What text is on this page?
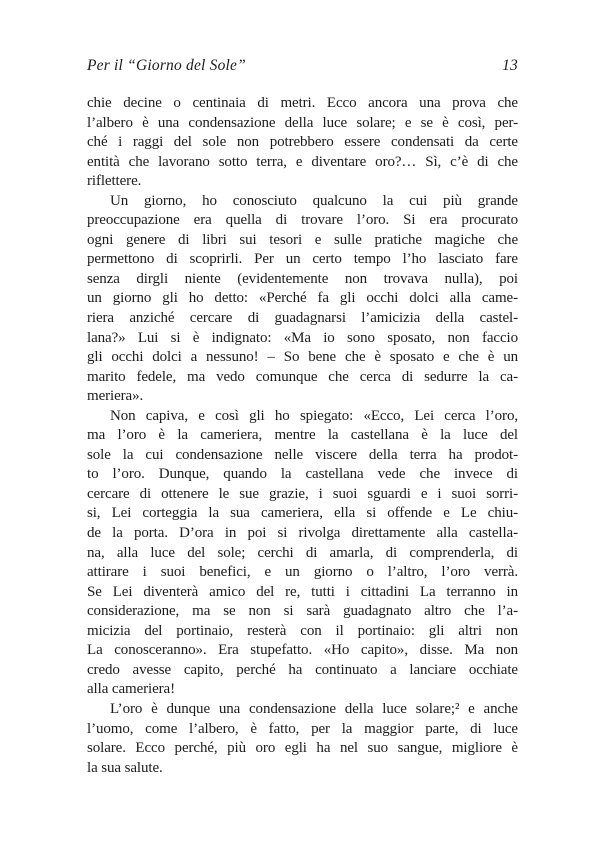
Per il “Giorno del Sole”	13
chie decine o centinaia di metri. Ecco ancora una prova che
l’albero è una condensazione della luce solare; e se è così, per-
ché i raggi del sole non potrebbero essere condensati da certe
entità che lavorano sotto terra, e diventare oro?… Sì, c’è di che
riflettere.
Un giorno, ho conosciuto qualcuno la cui più grande
preoccupazione era quella di trovare l’oro. Si era procurato
ogni genere di libri sui tesori e sulle pratiche magiche che
permettono di scoprirli. Per un certo tempo l’ho lasciato fare
senza dirgli niente (evidentemente non trovava nulla), poi
un giorno gli ho detto: «Perché fa gli occhi dolci alla came-
riera anziché cercare di guadagnarsi l’amicizia della castel-
lana?» Lui si è indignato: «Ma io sono sposato, non faccio
gli occhi dolci a nessuno! – So bene che è sposato e che è un
marito fedele, ma vedo comunque che cerca di sedurre la ca-
meriera».
Non capiva, e così gli ho spiegato: «Ecco, Lei cerca l’oro,
ma l’oro è la cameriera, mentre la castellana è la luce del
sole la cui condensazione nelle viscere della terra ha prodot-
to l’oro. Dunque, quando la castellana vede che invece di
cercare di ottenere le sue grazie, i suoi sguardi e i suoi sorri-
si, Lei corteggia la sua cameriera, ella si offende e Le chiu-
de la porta. D’ora in poi si rivolga direttamente alla castella-
na, alla luce del sole; cerchi di amarla, di comprenderla, di
attirare i suoi benefici, e un giorno o l’altro, l’oro verrà.
Se Lei diventerà amico del re, tutti i cittadini La terranno in
considerazione, ma se non si sarà guadagnato altro che l’a-
micizia del portinaio, resterà con il portinaio: gli altri non
La conosceranno». Era stupefatto. «Ho capito», disse. Ma non
credo avesse capito, perché ha continuato a lanciare occhiate
alla cameriera!
L’oro è dunque una condensazione della luce solare;² e anche
l’uomo, come l’albero, è fatto, per la maggior parte, di luce
solare. Ecco perché, più oro egli ha nel suo sangue, migliore è
la sua salute.
